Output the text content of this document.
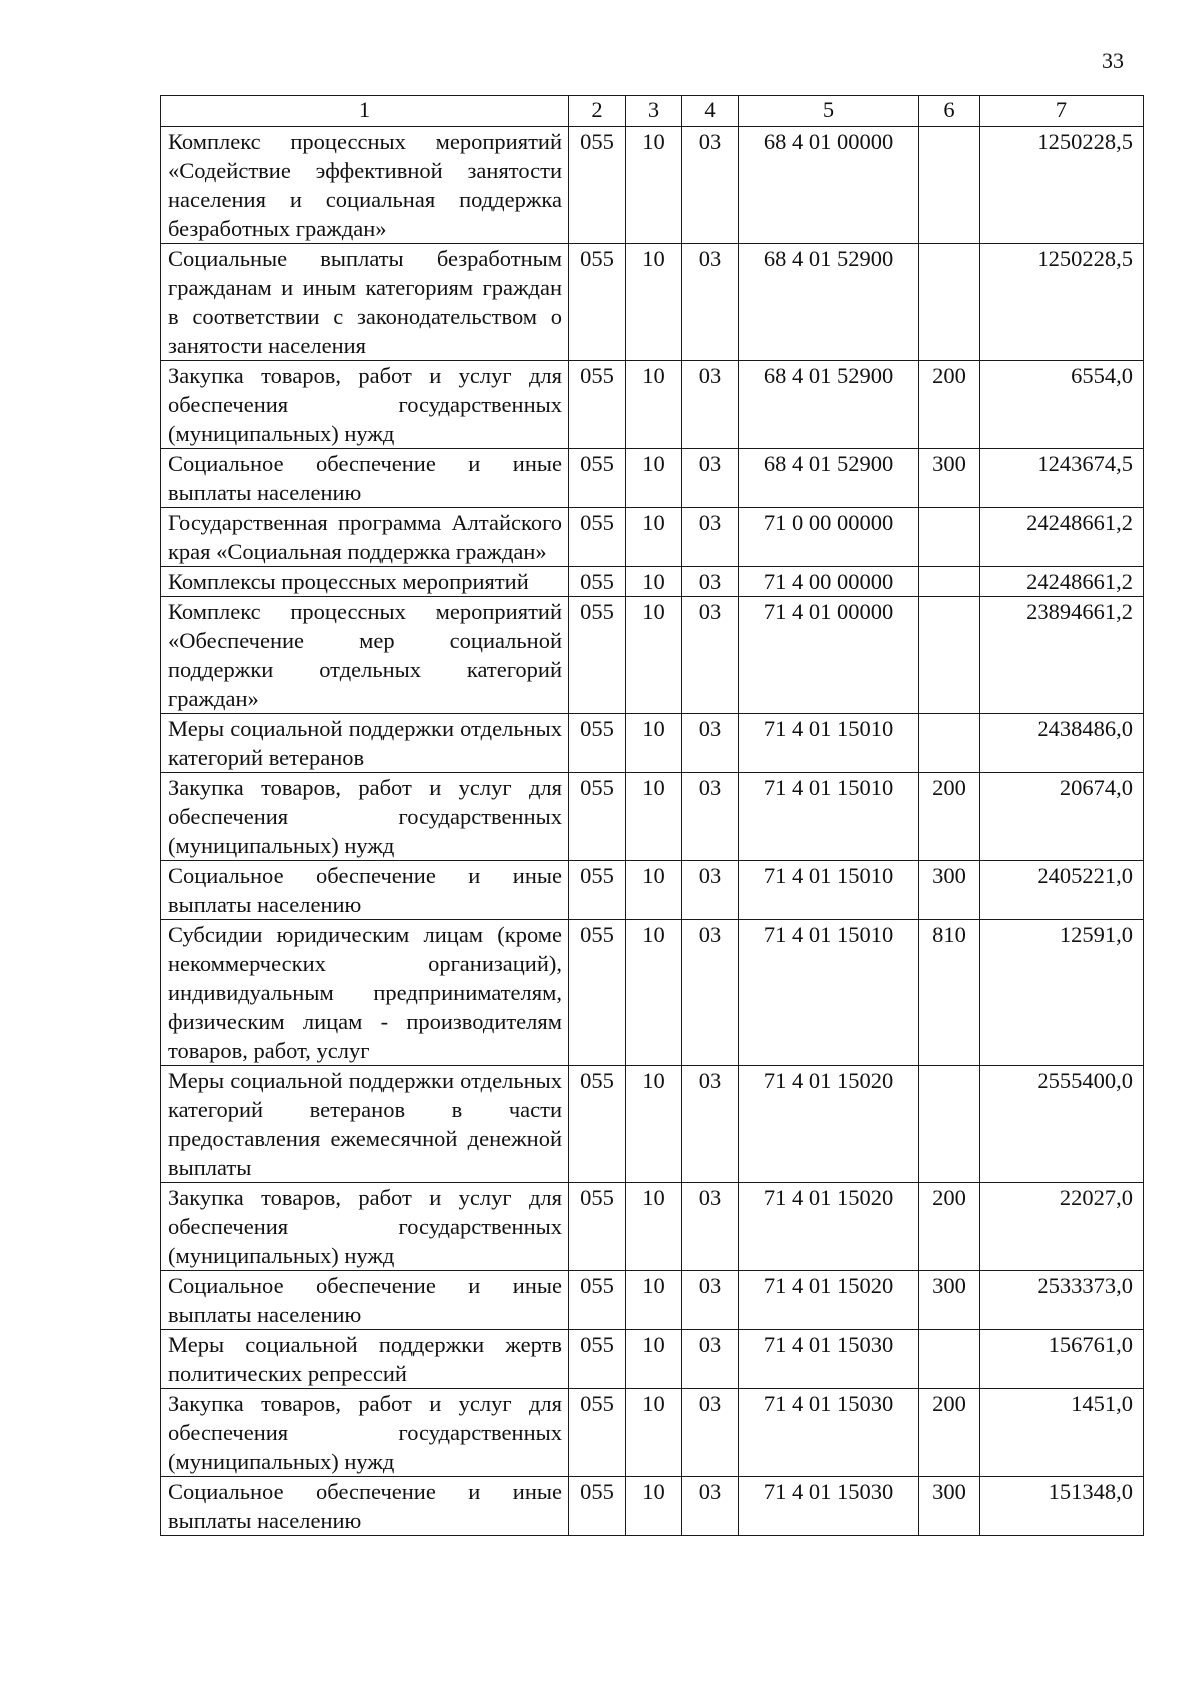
33
1	2	3	4	5	6	7
Комплекс процессных мероприятий «Содействие эффективной занятости населения и социальная поддержка безработных граждан»	055	10	03	68 4 01 00000		1250228,5
Социальные выплаты безработным гражданам и иным категориям граждан в соответствии с законодательством о занятости населения	055	10	03	68 4 01 52900		1250228,5
Закупка товаров, работ и услуг для обеспечения государственных (муниципальных) нужд	055	10	03	68 4 01 52900	200	6554,0
Социальное обеспечение и иные выплаты населению	055	10	03	68 4 01 52900	300	1243674,5
Государственная программа Алтайского края «Социальная поддержка граждан»	055	10	03	71 0 00 00000		24248661,2
Комплексы процессных мероприятий	055	10	03	71 4 00 00000		24248661,2
Комплекс процессных мероприятий «Обеспечение мер социальной поддержки отдельных категорий граждан»	055	10	03	71 4 01 00000		23894661,2
Меры социальной поддержки отдельных категорий ветеранов	055	10	03	71 4 01 15010		2438486,0
Закупка товаров, работ и услуг для обеспечения государственных (муниципальных) нужд	055	10	03	71 4 01 15010	200	20674,0
Социальное обеспечение и иные выплаты населению	055	10	03	71 4 01 15010	300	2405221,0
Субсидии юридическим лицам (кроме некоммерческих организаций), индивидуальным предпринимателям, физическим лицам - производителям товаров, работ, услуг	055	10	03	71 4 01 15010	810	12591,0
Меры социальной поддержки отдельных категорий ветеранов в части предоставления ежемесячной денежной выплаты	055	10	03	71 4 01 15020		2555400,0
Закупка товаров, работ и услуг для обеспечения государственных (муниципальных) нужд	055	10	03	71 4 01 15020	200	22027,0
Социальное обеспечение и иные выплаты населению	055	10	03	71 4 01 15020	300	2533373,0
Меры социальной поддержки жертв политических репрессий	055	10	03	71 4 01 15030		156761,0
Закупка товаров, работ и услуг для обеспечения государственных (муниципальных) нужд	055	10	03	71 4 01 15030	200	1451,0
Социальное обеспечение и иные выплаты населению	055	10	03	71 4 01 15030	300	151348,0
